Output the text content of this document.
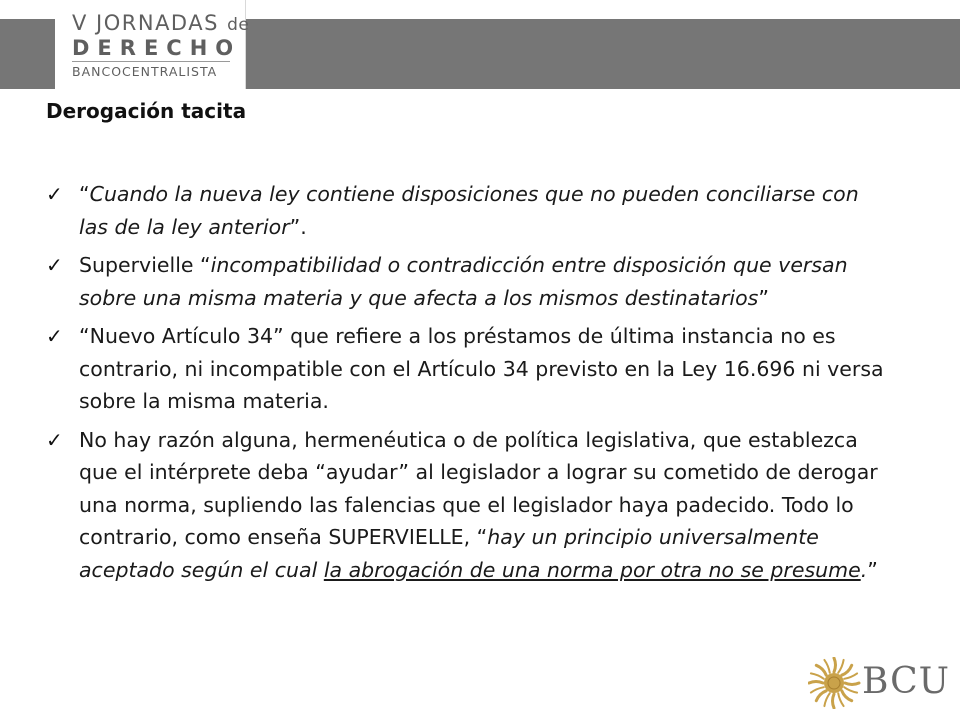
V JORNADAS de
DERECHO
BANCOCENTRALISTA
Derogación tacita
✓ “Cuando la nueva ley contiene disposiciones que no pueden conciliarse con las de la ley anterior”.
✓ Supervielle “incompatibilidad o contradicción entre disposición que versan sobre una misma materia y que afecta a los mismos destinatarios”
✓ “Nuevo Artículo 34” que refiere a los préstamos de última instancia no es contrario, ni incompatible con el Artículo 34 previsto en la Ley 16.696 ni versa sobre la misma materia.
✓ No hay razón alguna, hermenéutica o de política legislativa, que establezca que el intérprete deba “ayudar” al legislador a lograr su cometido de derogar una norma, supliendo las falencias que el legislador haya padecido. Todo lo contrario, como enseña SUPERVIELLE, “hay un principio universalmente aceptado según el cual la abrogación de una norma por otra no se presume.”
BCU
